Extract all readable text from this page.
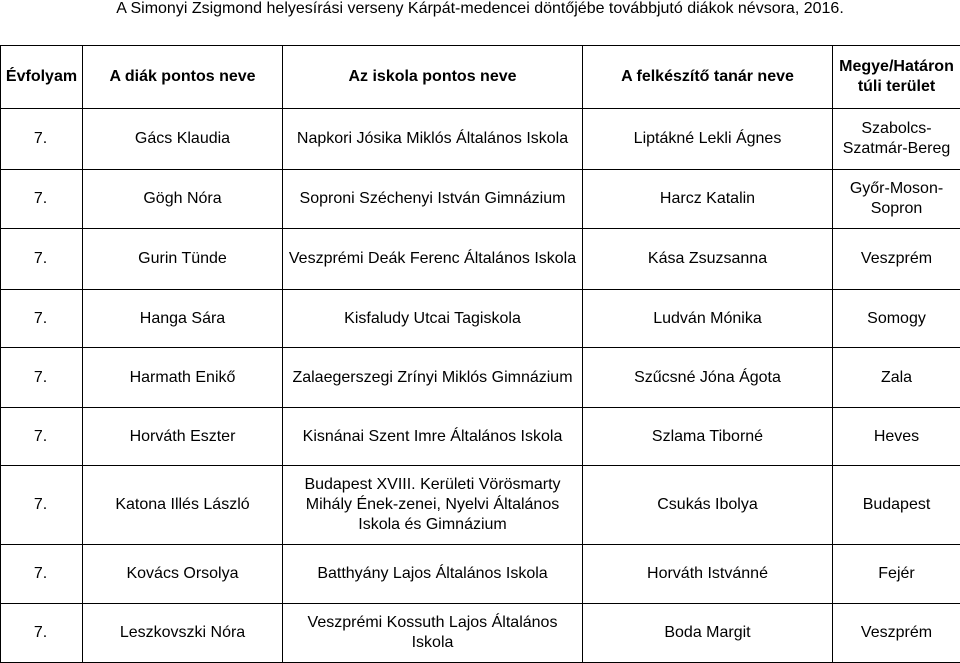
A Simonyi Zsigmond helyesírási verseny Kárpát-medencei döntőjébe továbbjutó diákok névsora, 2016.
Évfolyam	A diák pontos neve	Az iskola pontos neve	A felkészítő tanár neve	Megye/Határon túli terület
7.	Gács Klaudia	Napkori Jósika Miklós Általános Iskola	Liptákné Lekli Ágnes	Szabolcs-Szatmár-Bereg
7.	Gögh Nóra	Soproni Széchenyi István Gimnázium	Harcz Katalin	Győr-Moson-Sopron
7.	Gurin Tünde	Veszprémi Deák Ferenc Általános Iskola	Kása Zsuzsanna	Veszprém
7.	Hanga Sára	Kisfaludy Utcai Tagiskola	Ludván Mónika	Somogy
7.	Harmath Enikő	Zalaegerszegi Zrínyi Miklós Gimnázium	Szűcsné Jóna Ágota	Zala
7.	Horváth Eszter	Kisnánai Szent Imre Általános Iskola	Szlama Tiborné	Heves
7.	Katona Illés László	Budapest XVIII. Kerületi Vörösmarty Mihály Ének-zenei, Nyelvi Általános Iskola és Gimnázium	Csukás Ibolya	Budapest
7.	Kovács Orsolya	Batthyány Lajos Általános Iskola	Horváth Istvánné	Fejér
7.	Leszkovszki Nóra	Veszprémi Kossuth Lajos Általános Iskola	Boda Margit	Veszprém
